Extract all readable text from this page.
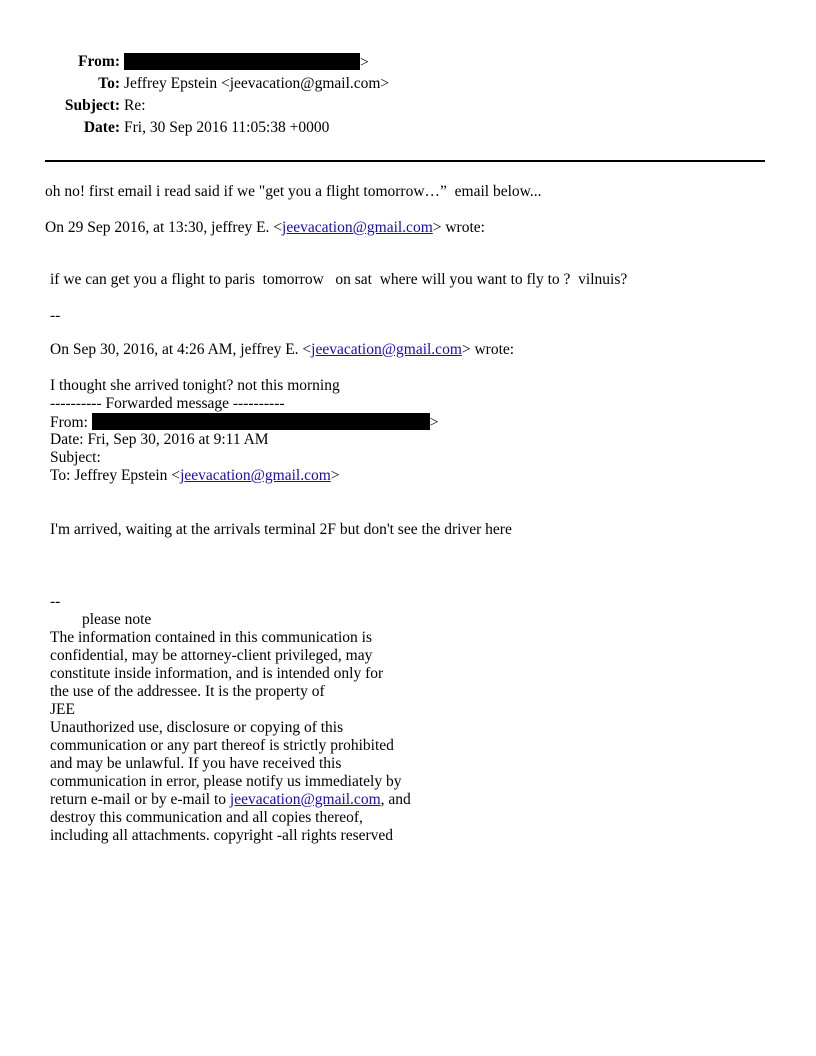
From:	>
To: Jeffrey Epstein <jeevacation@gmail.com>
Subject: Re:
Date: Fri, 30 Sep 2016 11:05:38 +0000
oh no! first email i read said if we "get you a flight tomorrow…”  email below...
On 29 Sep 2016, at 13:30, jeffrey E. <jeevacation@gmail.com> wrote:
if we can get you a flight to paris  tomorrow   on sat  where will you want to fly to ?  vilnuis?
--
On Sep 30, 2016, at 4:26 AM, jeffrey E. <jeevacation@gmail.com> wrote:
I thought she arrived tonight? not this morning
---------- Forwarded message ----------
From:	>
Date: Fri, Sep 30, 2016 at 9:11 AM
Subject:
To: Jeffrey Epstein <jeevacation@gmail.com>
I'm arrived, waiting at the arrivals terminal 2F but don't see the driver here
--
please note
The information contained in this communication is
confidential, may be attorney-client privileged, may
constitute inside information, and is intended only for
the use of the addressee. It is the property of
JEE
Unauthorized use, disclosure or copying of this
communication or any part thereof is strictly prohibited
and may be unlawful. If you have received this
communication in error, please notify us immediately by
return e-mail or by e-mail to jeevacation@gmail.com, and
destroy this communication and all copies thereof,
including all attachments. copyright -all rights reserved
